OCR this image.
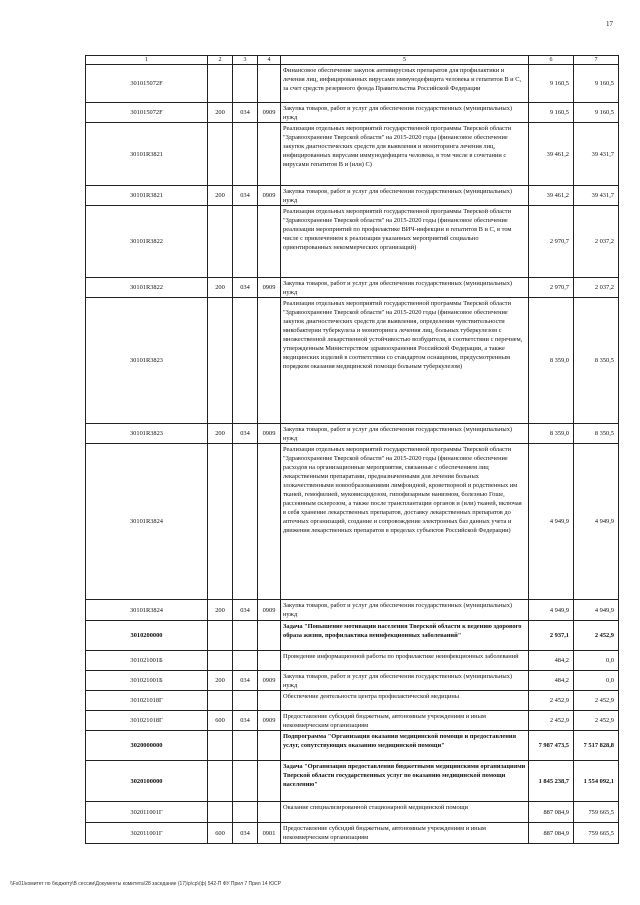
17
1	2	3	4	5	6	7
301015072F				Финансовое обеспечение закупок антивирусных препаратов для профилактики и лечения лиц, инфицированных вирусами иммунодефицита человека и гепатитов В и С, за счет средств резервного фонда Правительства Российской Федерации	9 160,5	9 160,5
301015072F	200	034	0909	Закупка товаров, работ и услуг для обеспечения государственных (муниципальных) нужд	9 160,5	9 160,5
30101R3821				Реализация отдельных мероприятий государственной программы Тверской области "Здравоохранение Тверской области" на 2015-2020 годы (финансовое обеспечение закупок диагностических средств для выявления и мониторинга лечения лиц, инфицированных вирусами иммунодефицита человека, в том числе в сочетании с вирусами гепатитов В и (или) С)	39 461,2	39 431,7
30101R3821	200	034	0909	Закупка товаров, работ и услуг для обеспечения государственных (муниципальных) нужд	39 461,2	39 431,7
30101R3822				Реализация отдельных мероприятий государственной программы Тверской области "Здравоохранение Тверской области" на 2015-2020 годы (финансовое обеспечение реализации мероприятий по профилактике ВИЧ-инфекции и гепатитов В и С, в том числе с привлечением к реализации указанных мероприятий социально ориентированных некоммерческих организаций)	2 970,7	2 037,2
30101R3822	200	034	0909	Закупка товаров, работ и услуг для обеспечения государственных (муниципальных) нужд	2 970,7	2 037,2
30101R3823				Реализация отдельных мероприятий государственной программы Тверской области "Здравоохранение Тверской области" на 2015-2020 годы (финансовое обеспечение закупок диагностических средств для выявления, определения чувствительности микобактерии туберкулеза и мониторинга лечения лиц, больных туберкулезом с множественной лекарственной устойчивостью возбудителя, в соответствии с перечнем, утвержденным Министерством здравоохранения Российской Федерации, а также медицинских изделий в соответствии со стандартом оснащения, предусмотренным порядком оказания медицинской помощи больным туберкулезом)	8 359,0	8 350,5
30101R3823	200	034	0909	Закупка товаров, работ и услуг для обеспечения государственных (муниципальных) нужд	8 359,0	8 350,5
30101R3824				Реализация отдельных мероприятий государственной программы Тверской области "Здравоохранение Тверской области" на 2015-2020 годы (финансовое обеспечение расходов на организационные мероприятия, связанные с обеспечением лиц лекарственными препаратами, предназначенными для лечения больных злокачественными новообразованиями лимфоидной, кроветворной и родственных им тканей, гемофилией, муковисцидозом, гипофизарным нанизмом, болезнью Гоше, рассеянным склерозом, а также после трансплантации органов и (или) тканей, включая в себя хранение лекарственных препаратов, доставку лекарственных препаратов до аптечных организаций, создание и сопровождение электронных баз данных учета и движения лекарственных препаратов в пределах субъектов Российской Федерации)	4 949,9	4 949,9
30101R3824	200	034	0909	Закупка товаров, работ и услуг для обеспечения государственных (муниципальных) нужд	4 949,9	4 949,9
3010200000				Задача "Повышение мотивации населения Тверской области к ведению здорового образа жизни, профилактика неинфекционных заболеваний"	2 937,1	2 452,9
301021001Б				Проведение информационной работы по профилактике неинфекционных заболеваний	484,2	0,0
301021001Б	200	034	0909	Закупка товаров, работ и услуг для обеспечения государственных (муниципальных) нужд	484,2	0,0
301021018Г				Обеспечение деятельности центра профилактической медицины	2 452,9	2 452,9
301021018Г	600	034	0909	Предоставление субсидий бюджетным, автономным учреждениям и иным некоммерческим организациям	2 452,9	2 452,9
3020000000				Подпрограмма "Организация оказания медицинской помощи и предоставления услуг, сопутствующих оказанию медицинской помощи"	7 987 473,5	7 517 828,8
3020100000				Задача "Организация предоставления бюджетными медицинскими организациями Тверской области государственных услуг по оказанию медицинской помощи населению"	1 845 238,7	1 554 092,1
302011001Г				Оказание специализированной стационарной медицинской помощи	887 084,9	759 665,5
302011001Г	600	034	0901	Предоставление субсидий бюджетным, автономным учреждениям и иным некоммерческим организациям	887 084,9	759 665,5
\\Fs01\комитет по бюджету\В сессии\Документы комитета\28 заседание (17)\р\ср\(ф) 542-П ФУ Прил 7 Прил 14 ЮСР
